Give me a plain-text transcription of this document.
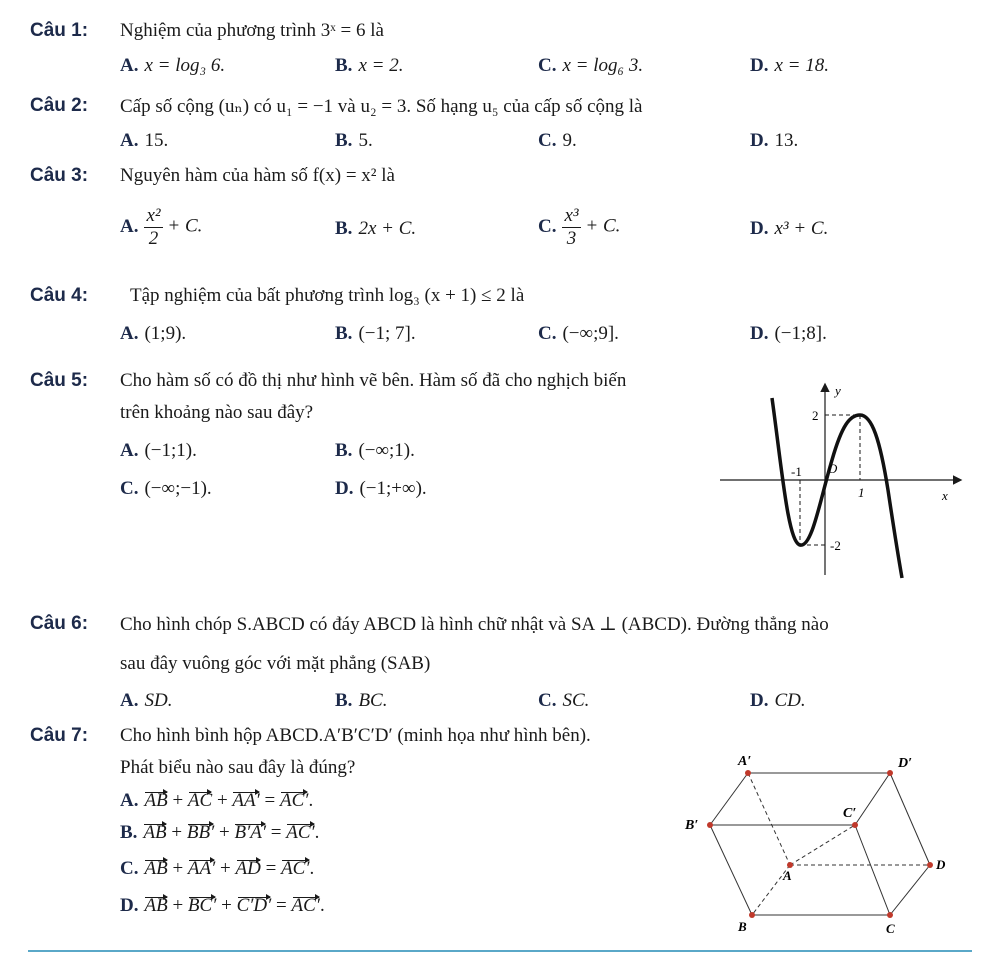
Câu 1: Nghiệm của phương trình 3ˣ = 6 là
A. x = log₃ 6.	B. x = 2.	C. x = log₆ 3.	D. x = 18.
Câu 2: Cấp số cộng (uₙ) có u₁ = −1 và u₂ = 3. Số hạng u₅ của cấp số cộng là
A. 15.	B. 5.	C. 9.	D. 13.
Câu 3: Nguyên hàm của hàm số f(x) = x² là
A. $\frac{\text{x²}}{2} + C$.	B. 2x + C.	C. $\frac{\text{x³}}{3} + C$.	D. x³ + C.
Câu 4: Tập nghiệm của bất phương trình log₃ (x + 1) ≤ 2 là
A. (1;9).	B. (−1; 7].	C. (−∞;9].	D. (−1;8].
Câu 5: Cho hàm số có đồ thị như hình vẽ bên. Hàm số đã cho nghịch biến
trên khoảng nào sau đây?
A. (−1;1).	B. (−∞;1).
C. (−∞;−1).	D. (−1;+∞).
y
x
O
-1
1
2
-2
Câu 6: Cho hình chóp S.ABCD có đáy ABCD là hình chữ nhật và SA ⊥ (ABCD). Đường thẳng nào
sau đây vuông góc với mặt phẳng (SAB)
A. SD.	B. BC.	C. SC.	D. CD.
Câu 7: Cho hình bình hộp ABCD.A′B′C′D′ (minh họa như hình bên).
Phát biểu nào sau đây là đúng?
A. AB + AC + AA′ = AC′.
B. AB + BB′ + B′A′ = AC′.
C. AB + AA′ + AD = AC′.
D. AB + BC′ + C′D′ = AC′.
A′	D′
B′
C′
A
D
B	C
